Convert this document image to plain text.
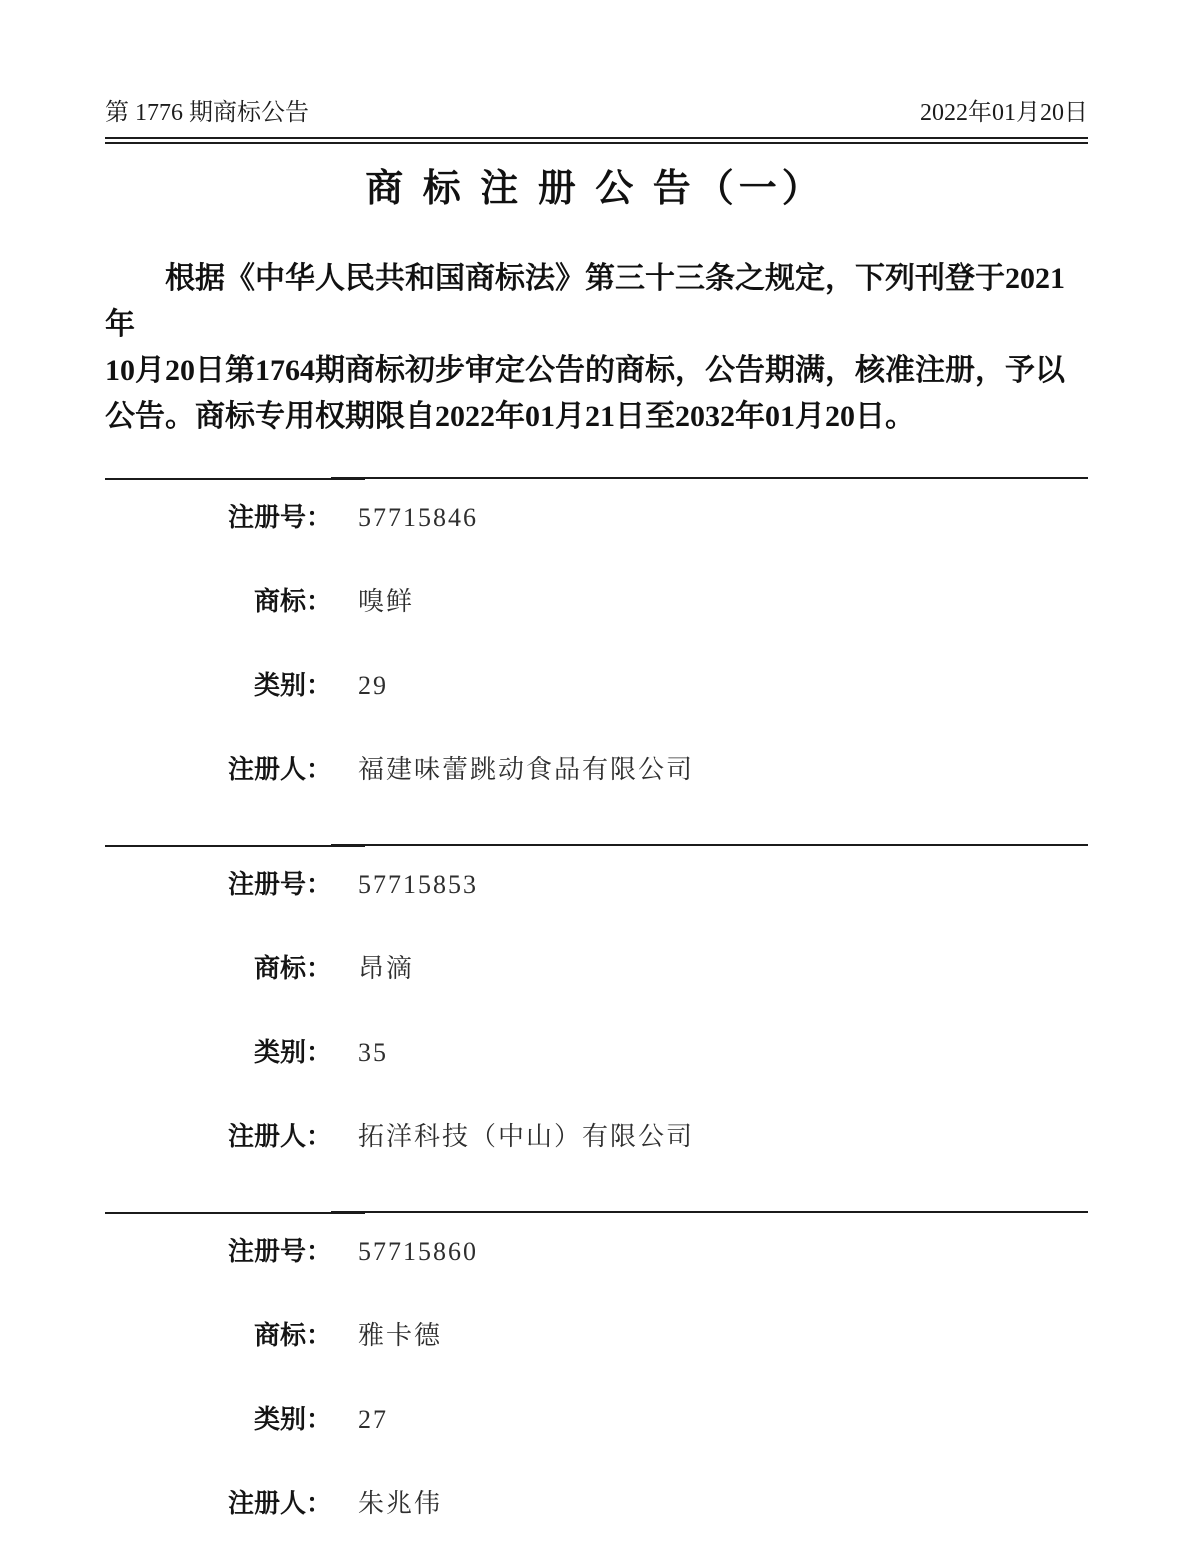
第 1776 期商标公告	2022年01月20日
商 标 注 册 公 告（一）
根据《中华人民共和国商标法》第三十三条之规定，下列刊登于2021年
10月20日第1764期商标初步审定公告的商标，公告期满，核准注册，予以
公告。商标专用权期限自2022年01月21日至2032年01月20日。
注册号： 57715846
商标： 嗅鲜
类别： 29
注册人： 福建味蕾跳动食品有限公司
注册号： 57715853
商标： 昂滴
类别： 35
注册人： 拓洋科技（中山）有限公司
注册号： 57715860
商标： 雅卡德
类别： 27
注册人： 朱兆伟
